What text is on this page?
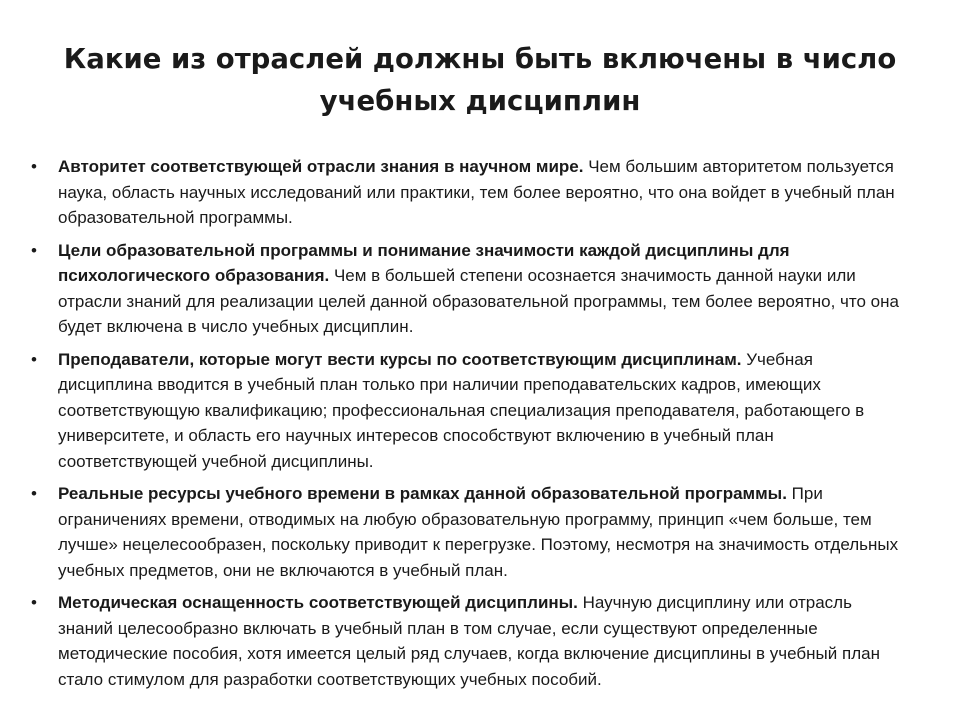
Какие из отраслей должны быть включены в число
учебных дисциплин
• Авторитет соответствующей отрасли знания в научном мире. Чем большим авторитетом пользуется наука, область научных исследований или практики, тем более вероятно, что она войдет в учебный план образовательной программы.
• Цели образовательной программы и понимание значимости каждой дисциплины для психологического образования. Чем в большей степени осознается значимость данной науки или отрасли знаний для реализации целей данной образовательной программы, тем более вероятно, что она будет включена в число учебных дисциплин.
• Преподаватели, которые могут вести курсы по соответствующим дисциплинам. Учебная дисциплина вводится в учебный план только при наличии преподавательских кадров, имеющих соответствующую квалификацию; профессиональная специализация преподавателя, работающего в университете, и область его научных интересов способствуют включению в учебный план соответствующей учебной дисциплины.
• Реальные ресурсы учебного времени в рамках данной образовательной программы. При ограничениях времени, отводимых на любую образовательную программу, принцип «чем больше, тем лучше» нецелесообразен, поскольку приводит к перегрузке. Поэтому, несмотря на значимость отдельных учебных предметов, они не включаются в учебный план.
• Методическая оснащенность соответствующей дисциплины. Научную дисциплину или отрасль знаний целесообразно включать в учебный план в том случае, если существуют определенные методические пособия, хотя имеется целый ряд случаев, когда включение дисциплины в учебный план стало стимулом для разработки соответствующих учебных пособий.
